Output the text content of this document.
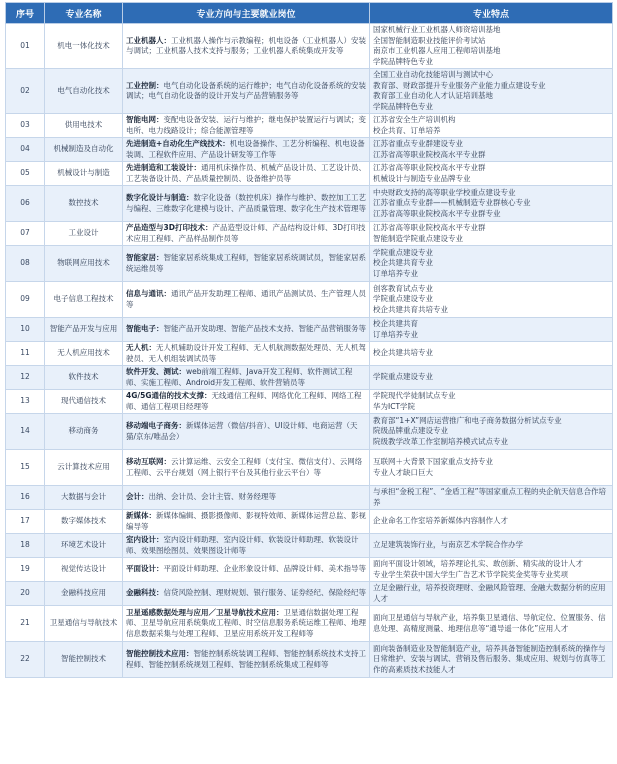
序号	专业名称	专业方向与主要就业岗位	专业特点
01	机电一体化技术	工业机器人：工业机器人操作与示教编程；机电设备（工业机器人）安装与调试；工业机器人技术支持与服务；工业机器人系统集成开发等	国家机械行业工业机器人师资培训基地
全国智能制造职业技能评价考试站
南京市工业机器人应用工程师培训基地
学院品牌特色专业

02	电气自动化技术	工业控制：电气自动化设备系统的运行维护；电气自动化设备系统的安装调试；电气自动化设备的设计开发与产品营销服务等	全国工业自动化技能培训与测试中心
教育部、财政部提升专业服务产业能力重点建设专业
教育部工业自动化人才认证培训基地
学院品牌特色专业

03	供用电技术	智能电网：变配电设备安装、运行与维护；继电保护装置运行与调试；变电所、电力线路设计；综合能源管理等	江苏省安全生产培训机构
校企共育、订单培养

04	机械制造及自动化	先进制造+自动化生产线技术：机电设备操作、工艺分析编程、机电设备装调、工程软件应用、产品设计研发等工作等	江苏省重点专业群建设专业
江苏省高等职业院校高水平专业群

05	机械设计与制造	先进制造和工装设计：通用机床操作员、机械产品设计员、工艺设计员、工艺装备设计员、产品质量控制员、设备维护员等	江苏省高等职业院校高水平专业群
机械设计与制造专业品牌专业

06	数控技术	数字化设计与制造：数字化设备（数控机床）操作与维护、数控加工工艺与编程、三维数字化建模与设计、产品质量管理、数字化生产技术管理等	中央财政支持的高等职业学校重点建设专业
江苏省重点专业群——机械制造专业群核心专业
江苏省高等职业院校高水平专业群专业

07	工业设计	产品造型与3D打印技术：产品造型设计师、产品结构设计师、3D打印技术应用工程师、产品样品制作员等	江苏省高等职业院校高水平专业群
智能制造学院重点建设专业

08	物联网应用技术	智能家居：智能家居系统集成工程师，智能家居系统调试员，智能家居系统运维员等	学院重点建设专业
校企共建共育专业
订单培养专业

09	电子信息工程技术	信息与通讯：通讯产品开发助理工程师、通讯产品测试员、生产管理人员等	创客教育试点专业
学院重点建设专业
校企共建共育共培专业

10	智能产品开发与应用	智能电子：智能产品开发助理、智能产品技术支持、智能产品营销服务等	校企共建共育
订单培养专业

11	无人机应用技术	无人机：无人机辅助设计开发工程师、无人机航测数据处理员、无人机驾驶员、无人机组装调试员等	校企共建共培专业

12	软件技术	软件开发、测试：web前端工程师、Java开发工程师、软件测试工程师、实施工程师、Android开发工程师、软件营销员等	学院重点建设专业

13	现代通信技术	4G/5G通信的技术支撑：无线通信工程师、网络优化工程师、网络工程师、通信工程项目经理等	学院现代学徒制试点专业
华为ICT学院

14	移动商务	移动端电子商务：新媒体运营（微信/抖音）、UI设计师、电商运营（天猫/京东/唯品会）	教育部“1+X”网店运营推广和电子商务数据分析试点专业
院级品牌重点建设专业
院级教学改革工作室制培养模式试点专业

15	云计算技术应用	移动互联网：云计算运维、云安全工程师（支付宝、微信支付）、云网络工程师、云平台规划（网上银行平台及其他行业云平台）等	互联网＋大背景下国家重点支持专业
专业人才缺口巨大

16	大数据与会计	会计：出纳、会计员、会计主管、财务经理等	与承担“金税工程”、“金盾工程”等国家重点工程的央企航天信息合作培养

17	数字媒体技术	新媒体：新媒体编辑、摄影摄像师、影视特效师、新媒体运营总监、影视编导等	企业命名工作室培养新媒体内容制作人才

18	环境艺术设计	室内设计：室内设计师助理、室内设计师、软装设计师助理、软装设计师、效果图绘图员、效果图设计师等	立足建筑装饰行业，与南京艺术学院合作办学

19	视觉传达设计	平面设计：平面设计师助理、企业形象设计师、品牌设计师、美术指导等	面向平面设计领域，培养理论扎实、敢创新、精实战的设计人才
专业学生荣获中国大学生广告艺术节学院奖金奖等专业奖项

20	金融科技应用	金融科技：信贷风险控制、理财规划、银行服务、证券经纪、保险经纪等	立足金融行业，培养投资理财、金融风险管理、金融大数据分析的应用人才

21	卫星通信与导航技术	卫星遥感数据处理与应用／卫星导航技术应用：卫星通信数据处理工程师、卫星导航应用系统集成工程师、时空信息服务系统运维工程师、地理信息数据采集与处理工程师、卫星应用系统开发工程师等	面向卫星通信与导航产业，培养集卫星通信、导航定位、位置服务、信息处理、高精度测量、地理信息等“通导遥一体化”应用人才

22	智能控制技术	智能控制技术应用：智能控制系统装调工程师、智能控制系统技术支持工程师、智能控制系统规划工程师、智能控制系统集成工程师等	面向装备制造业及智能制造产业，培养具备智能制造控制系统的操作与日常维护、安装与调试、营销及售后服务、集成应用、规划与仿真等工作的高素质技术技能人才
